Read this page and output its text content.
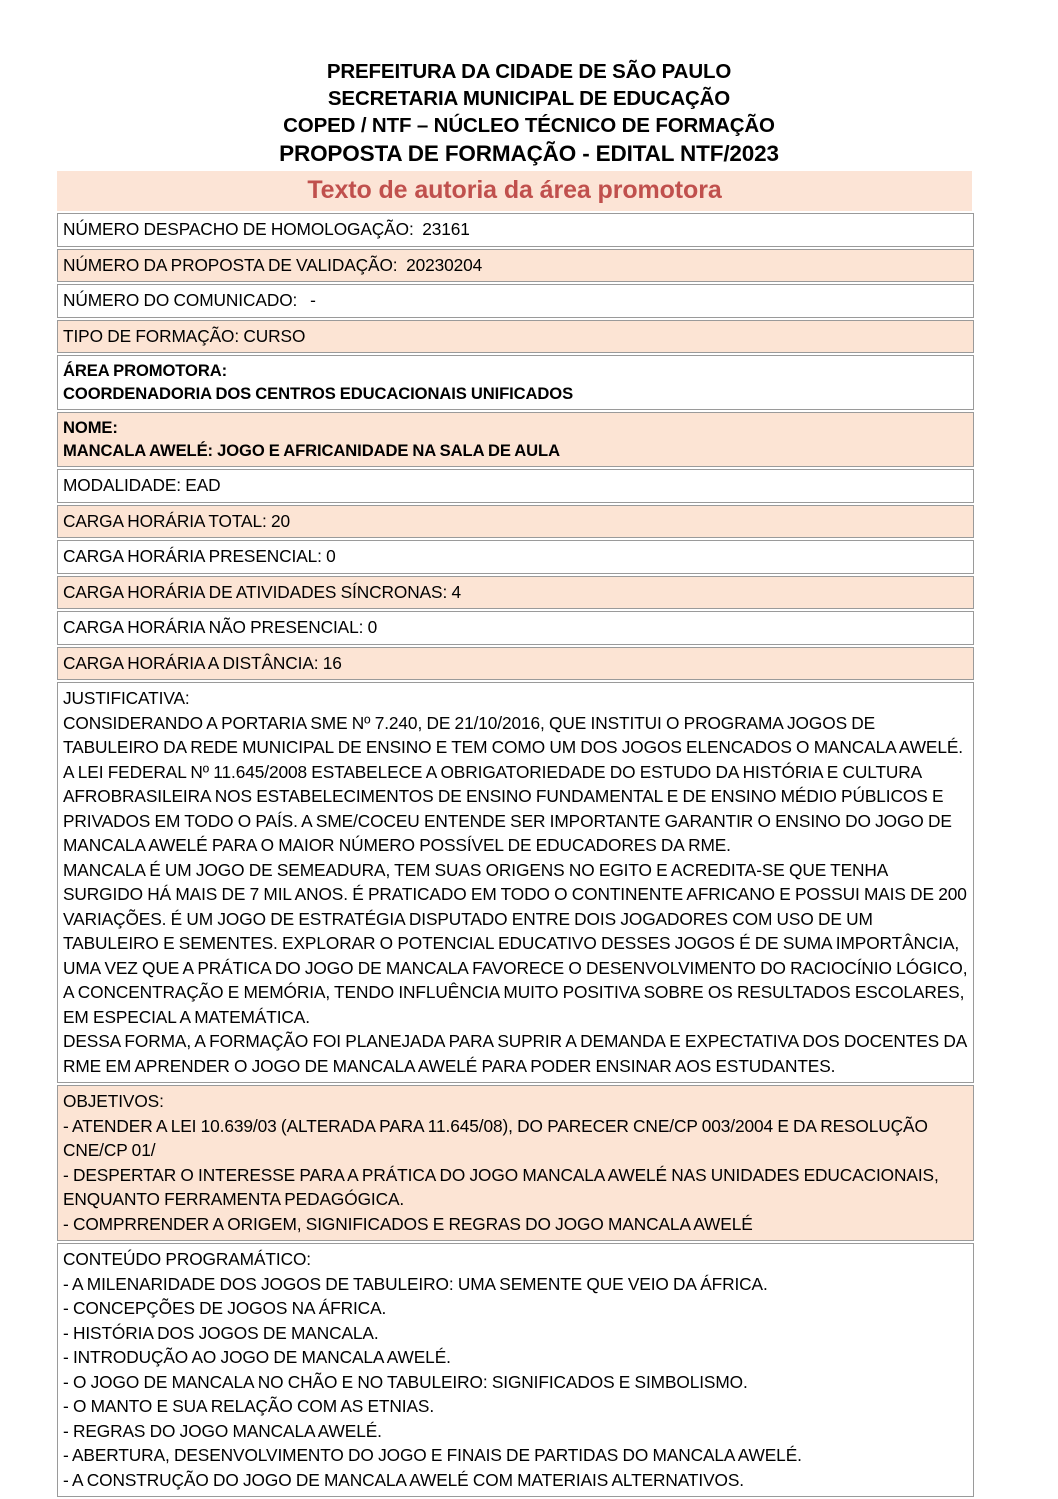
PREFEITURA DA CIDADE DE SÃO PAULO
SECRETARIA MUNICIPAL DE EDUCAÇÃO
COPED / NTF – NÚCLEO TÉCNICO DE FORMAÇÃO
PROPOSTA DE FORMAÇÃO - EDITAL NTF/2023
Texto de autoria da área promotora
NÚMERO DESPACHO DE HOMOLOGAÇÃO:  23161

NÚMERO DA PROPOSTA DE VALIDAÇÃO:  20230204

NÚMERO DO COMUNICADO:   -

TIPO DE FORMAÇÃO: CURSO

ÁREA PROMOTORA:
COORDENADORIA DOS CENTROS EDUCACIONAIS UNIFICADOS

NOME:
MANCALA AWELÉ: JOGO E AFRICANIDADE NA SALA DE AULA

MODALIDADE: EAD

CARGA HORÁRIA TOTAL: 20

CARGA HORÁRIA PRESENCIAL: 0

CARGA HORÁRIA DE ATIVIDADES SÍNCRONAS: 4

CARGA HORÁRIA NÃO PRESENCIAL: 0

CARGA HORÁRIA A DISTÂNCIA: 16

JUSTIFICATIVA:
CONSIDERANDO A PORTARIA SME Nº 7.240, DE 21/10/2016, QUE INSTITUI O PROGRAMA JOGOS DE TABULEIRO DA REDE MUNICIPAL DE ENSINO E TEM COMO UM DOS JOGOS ELENCADOS O MANCALA AWELÉ. A LEI FEDERAL Nº 11.645/2008 ESTABELECE A OBRIGATORIEDADE DO ESTUDO DA HISTÓRIA E CULTURA AFROBRASILEIRA NOS ESTABELECIMENTOS DE ENSINO FUNDAMENTAL E DE ENSINO MÉDIO PÚBLICOS E PRIVADOS EM TODO O PAÍS. A SME/COCEU ENTENDE SER IMPORTANTE GARANTIR O ENSINO DO JOGO DE MANCALA AWELÉ PARA O MAIOR NÚMERO POSSÍVEL DE EDUCADORES DA RME.
MANCALA É UM JOGO DE SEMEADURA, TEM SUAS ORIGENS NO EGITO E ACREDITA-SE QUE TENHA SURGIDO HÁ MAIS DE 7 MIL ANOS. É PRATICADO EM TODO O CONTINENTE AFRICANO E POSSUI MAIS DE 200 VARIAÇÕES. É UM JOGO DE ESTRATÉGIA DISPUTADO ENTRE DOIS JOGADORES COM USO DE UM TABULEIRO E SEMENTES. EXPLORAR O POTENCIAL EDUCATIVO DESSES JOGOS É DE SUMA IMPORTÂNCIA, UMA VEZ QUE A PRÁTICA DO JOGO DE MANCALA FAVORECE O DESENVOLVIMENTO DO RACIOCÍNIO LÓGICO, A CONCENTRAÇÃO E MEMÓRIA, TENDO INFLUÊNCIA MUITO POSITIVA SOBRE OS RESULTADOS ESCOLARES, EM ESPECIAL A MATEMÁTICA.
DESSA FORMA, A FORMAÇÃO FOI PLANEJADA PARA SUPRIR A DEMANDA E EXPECTATIVA DOS DOCENTES DA RME EM APRENDER O JOGO DE MANCALA AWELÉ PARA PODER ENSINAR AOS ESTUDANTES.

OBJETIVOS:
- ATENDER A LEI 10.639/03 (ALTERADA PARA 11.645/08), DO PARECER CNE/CP 003/2004 E DA RESOLUÇÃO CNE/CP 01/
- DESPERTAR O INTERESSE PARA A PRÁTICA DO JOGO MANCALA AWELÉ NAS UNIDADES EDUCACIONAIS, ENQUANTO FERRAMENTA PEDAGÓGICA.
- COMPRRENDER A ORIGEM, SIGNIFICADOS E REGRAS DO JOGO MANCALA AWELÉ

CONTEÚDO PROGRAMÁTICO:
- A MILENARIDADE DOS JOGOS DE TABULEIRO: UMA SEMENTE QUE VEIO DA ÁFRICA.
- CONCEPÇÕES DE JOGOS NA ÁFRICA.
- HISTÓRIA DOS JOGOS DE MANCALA.
- INTRODUÇÃO AO JOGO DE MANCALA AWELÉ.
- O JOGO DE MANCALA NO CHÃO E NO TABULEIRO: SIGNIFICADOS E SIMBOLISMO.
- O MANTO E SUA RELAÇÃO COM AS ETNIAS.
- REGRAS DO JOGO MANCALA AWELÉ.
- ABERTURA, DESENVOLVIMENTO DO JOGO E FINAIS DE PARTIDAS DO MANCALA AWELÉ.
- A CONSTRUÇÃO DO JOGO DE MANCALA AWELÉ COM MATERIAIS ALTERNATIVOS.
